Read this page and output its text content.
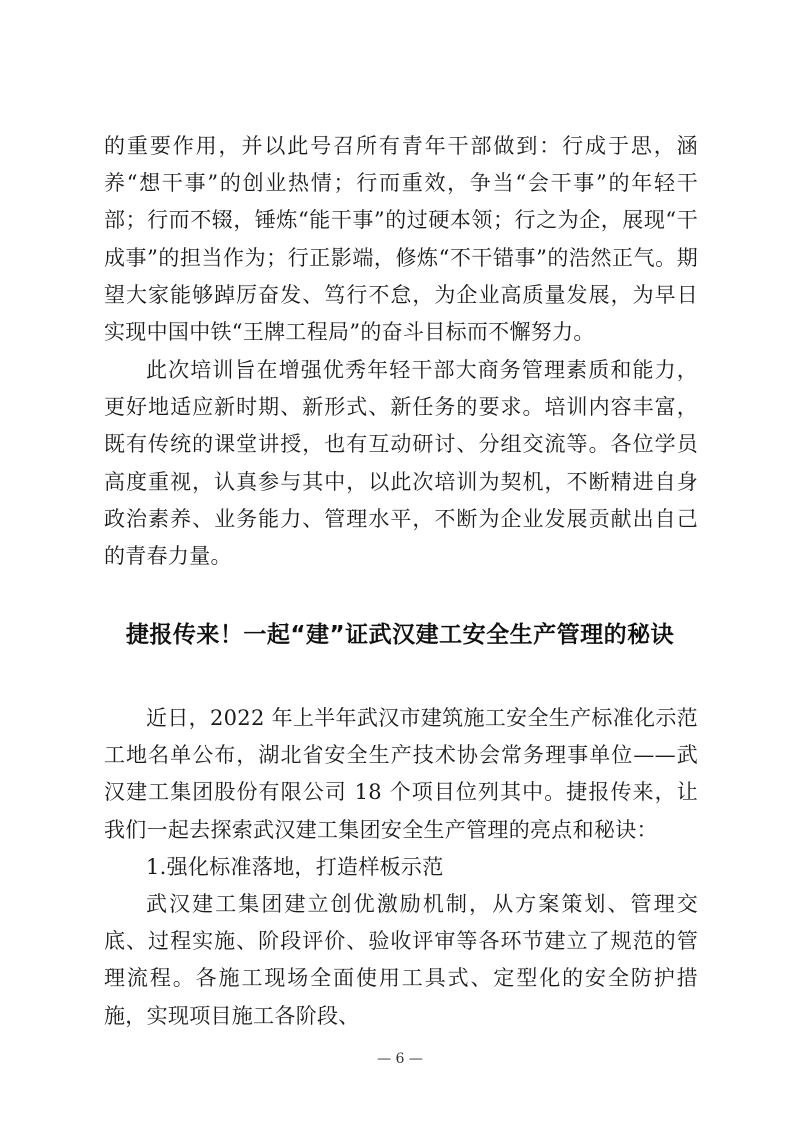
的重要作用，并以此号召所有青年干部做到：行成于思，涵养“想干事”的创业热情；行而重效，争当“会干事”的年轻干部；行而不辍，锤炼“能干事”的过硬本领；行之为企，展现“干成事”的担当作为；行正影端，修炼“不干错事”的浩然正气。期望大家能够踔厉奋发、笃行不怠，为企业高质量发展，为早日实现中国中铁“王牌工程局”的奋斗目标而不懈努力。

此次培训旨在增强优秀年轻干部大商务管理素质和能力，更好地适应新时期、新形式、新任务的要求。培训内容丰富，既有传统的课堂讲授，也有互动研讨、分组交流等。各位学员高度重视，认真参与其中，以此次培训为契机，不断精进自身政治素养、业务能力、管理水平，不断为企业发展贡献出自己的青春力量。

捷报传来！一起“建”证武汉建工安全生产管理的秘诀

近日，2022 年上半年武汉市建筑施工安全生产标准化示范工地名单公布，湖北省安全生产技术协会常务理事单位——武汉建工集团股份有限公司 18 个项目位列其中。捷报传来，让我们一起去探索武汉建工集团安全生产管理的亮点和秘诀：

1.强化标准落地，打造样板示范

武汉建工集团建立创优激励机制，从方案策划、管理交底、过程实施、阶段评价、验收评审等各环节建立了规范的管理流程。各施工现场全面使用工具式、定型化的安全防护措施，实现项目施工各阶段、

— 6 —
